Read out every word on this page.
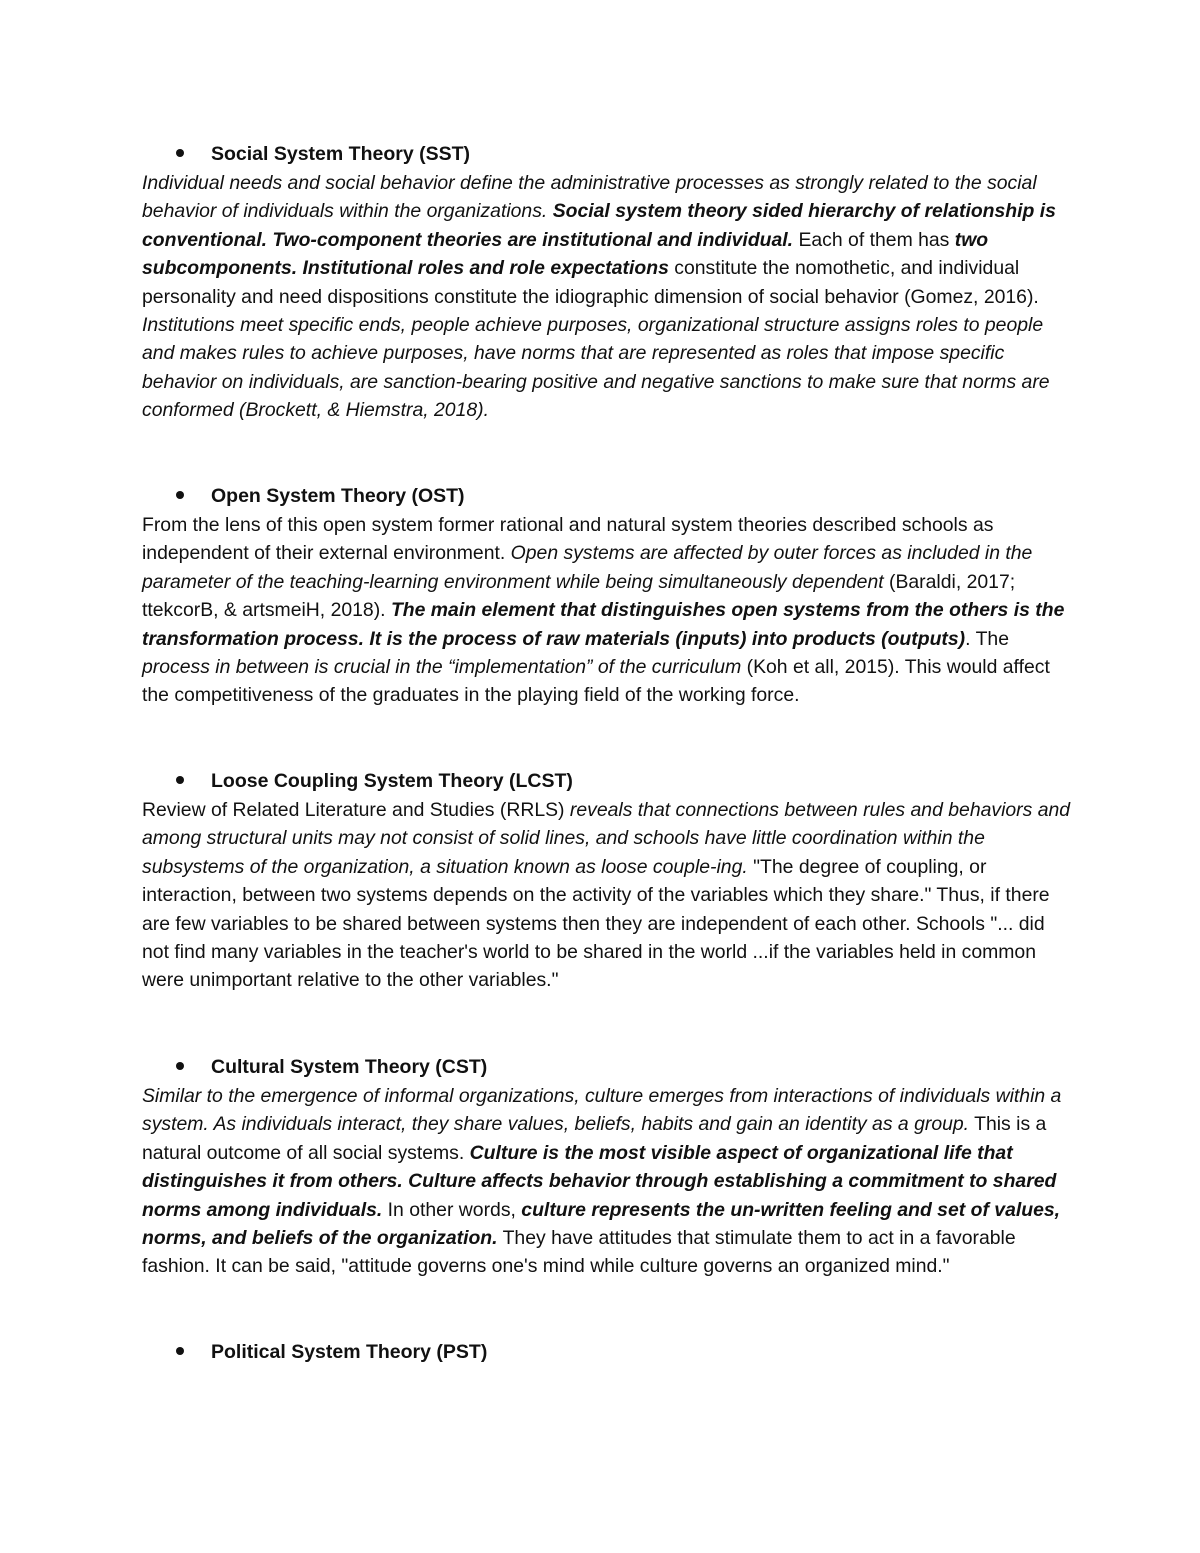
Social System Theory (SST)
Individual needs and social behavior define the administrative processes as strongly related to the social behavior of individuals within the organizations. Social system theory sided hierarchy of relationship is conventional. Two-component theories are institutional and individual. Each of them has two subcomponents. Institutional roles and role expectations constitute the nomothetic, and individual personality and need dispositions constitute the idiographic dimension of social behavior (Gomez, 2016). Institutions meet specific ends, people achieve purposes, organizational structure assigns roles to people and makes rules to achieve purposes, have norms that are represented as roles that impose specific behavior on individuals, are sanction-bearing positive and negative sanctions to make sure that norms are conformed (Brockett, & Hiemstra, 2018).
Open System Theory (OST)
From the lens of this open system former rational and natural system theories described schools as independent of their external environment. Open systems are affected by outer forces as included in the parameter of the teaching-learning environment while being simultaneously dependent (Baraldi, 2017; ttekcorB, & artsmeiH, 2018). The main element that distinguishes open systems from the others is the transformation process. It is the process of raw materials (inputs) into products (outputs). The process in between is crucial in the “implementation” of the curriculum (Koh et all, 2015). This would affect the competitiveness of the graduates in the playing field of the working force.
Loose Coupling System Theory (LCST)
Review of Related Literature and Studies (RRLS) reveals that connections between rules and behaviors and among structural units may not consist of solid lines, and schools have little coordination within the subsystems of the organization, a situation known as loose couple-ing. "The degree of coupling, or interaction, between two systems depends on the activity of the variables which they share." Thus, if there are few variables to be shared between systems then they are independent of each other. Schools "... did not find many variables in the teacher's world to be shared in the world ...if the variables held in common were unimportant relative to the other variables."
Cultural System Theory (CST)
Similar to the emergence of informal organizations, culture emerges from interactions of individuals within a system. As individuals interact, they share values, beliefs, habits and gain an identity as a group. This is a natural outcome of all social systems. Culture is the most visible aspect of organizational life that distinguishes it from others. Culture affects behavior through establishing a commitment to shared norms among individuals. In other words, culture represents the un-written feeling and set of values, norms, and beliefs of the organization. They have attitudes that stimulate them to act in a favorable fashion. It can be said, "attitude governs one's mind while culture governs an organized mind."
Political System Theory (PST)
